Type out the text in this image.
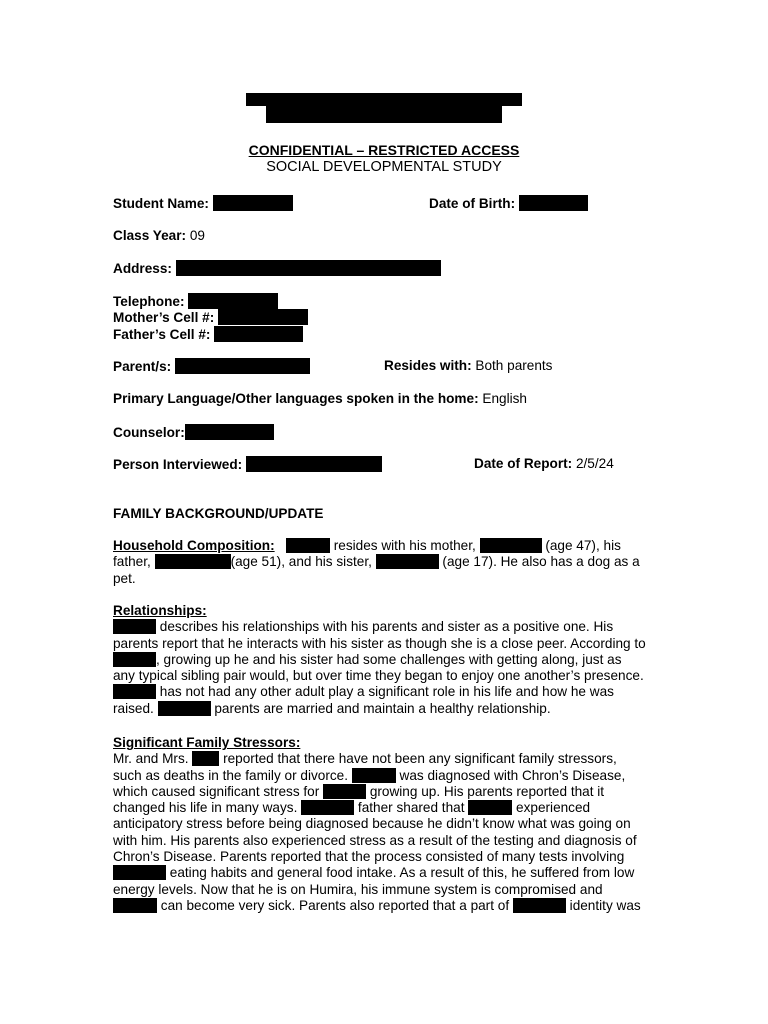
CONFIDENTIAL – RESTRICTED ACCESS
SOCIAL DEVELOPMENTAL STUDY
Student Name:	Date of Birth:
Class Year: 09
Address:
Telephone:
Mother’s Cell #:
Father’s Cell #:
Parent/s:	Resides with: Both parents
Primary Language/Other languages spoken in the home: English
Counselor:
Person Interviewed:	Date of Report: 2/5/24
FAMILY BACKGROUND/UPDATE
Household Composition:	resides with his mother,	(age 47), his
father,	(age 51), and his sister,	(age 17). He also has a dog as a
pet.
Relationships:
describes his relationships with his parents and sister as a positive one. His
parents report that he interacts with his sister as though she is a close peer. According to
, growing up he and his sister had some challenges with getting along, just as
any typical sibling pair would, but over time they began to enjoy one another’s presence.
has not had any other adult play a significant role in his life and how he was
raised.	parents are married and maintain a healthy relationship.
Significant Family Stressors:
Mr. and Mrs.  reported that there have not been any significant family stressors,
such as deaths in the family or divorce.	was diagnosed with Chron’s Disease,
which caused significant stress for	growing up. His parents reported that it
changed his life in many ways.	father shared that	experienced
anticipatory stress before being diagnosed because he didn’t know what was going on
with him. His parents also experienced stress as a result of the testing and diagnosis of
Chron’s Disease. Parents reported that the process consisted of many tests involving
eating habits and general food intake. As a result of this, he suffered from low
energy levels. Now that he is on Humira, his immune system is compromised and
can become very sick. Parents also reported that a part of	identity was
